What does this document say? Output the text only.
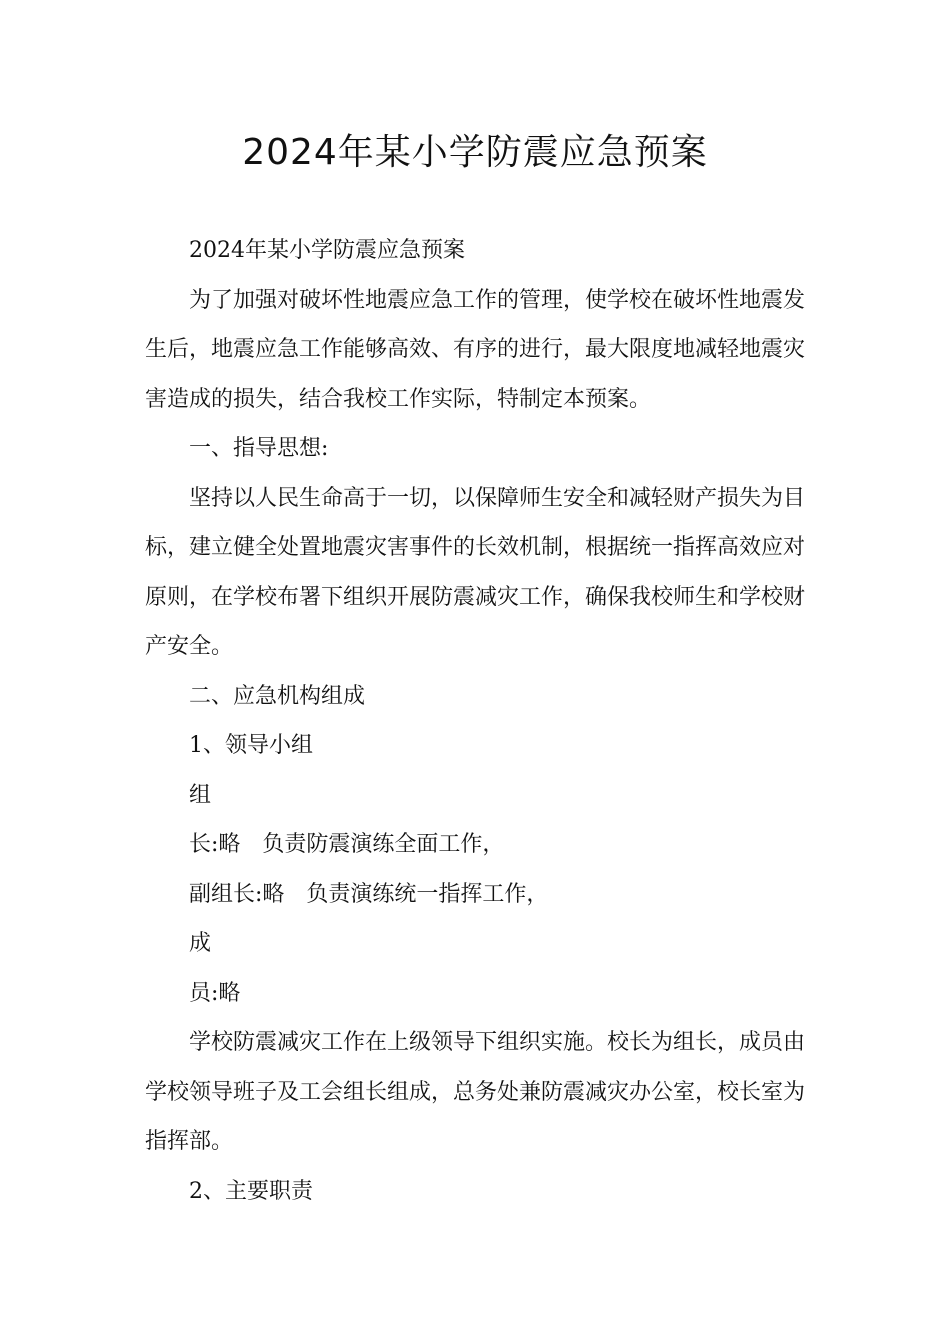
2024年某小学防震应急预案

2024年某小学防震应急预案

为了加强对破坏性地震应急工作的管理，使学校在破坏性地震发生后，地震应急工作能够高效、有序的进行，最大限度地减轻地震灾害造成的损失，结合我校工作实际，特制定本预案。

一、指导思想:

坚持以人民生命高于一切，以保障师生安全和减轻财产损失为目标，建立健全处置地震灾害事件的长效机制，根据统一指挥高效应对原则，在学校布署下组织开展防震减灾工作，确保我校师生和学校财产安全。

二、应急机构组成

1、领导小组

组

长:略　负责防震演练全面工作，

副组长:略　负责演练统一指挥工作，

成

员:略

学校防震减灾工作在上级领导下组织实施。校长为组长，成员由学校领导班子及工会组长组成，总务处兼防震减灾办公室，校长室为指挥部。

2、主要职责
